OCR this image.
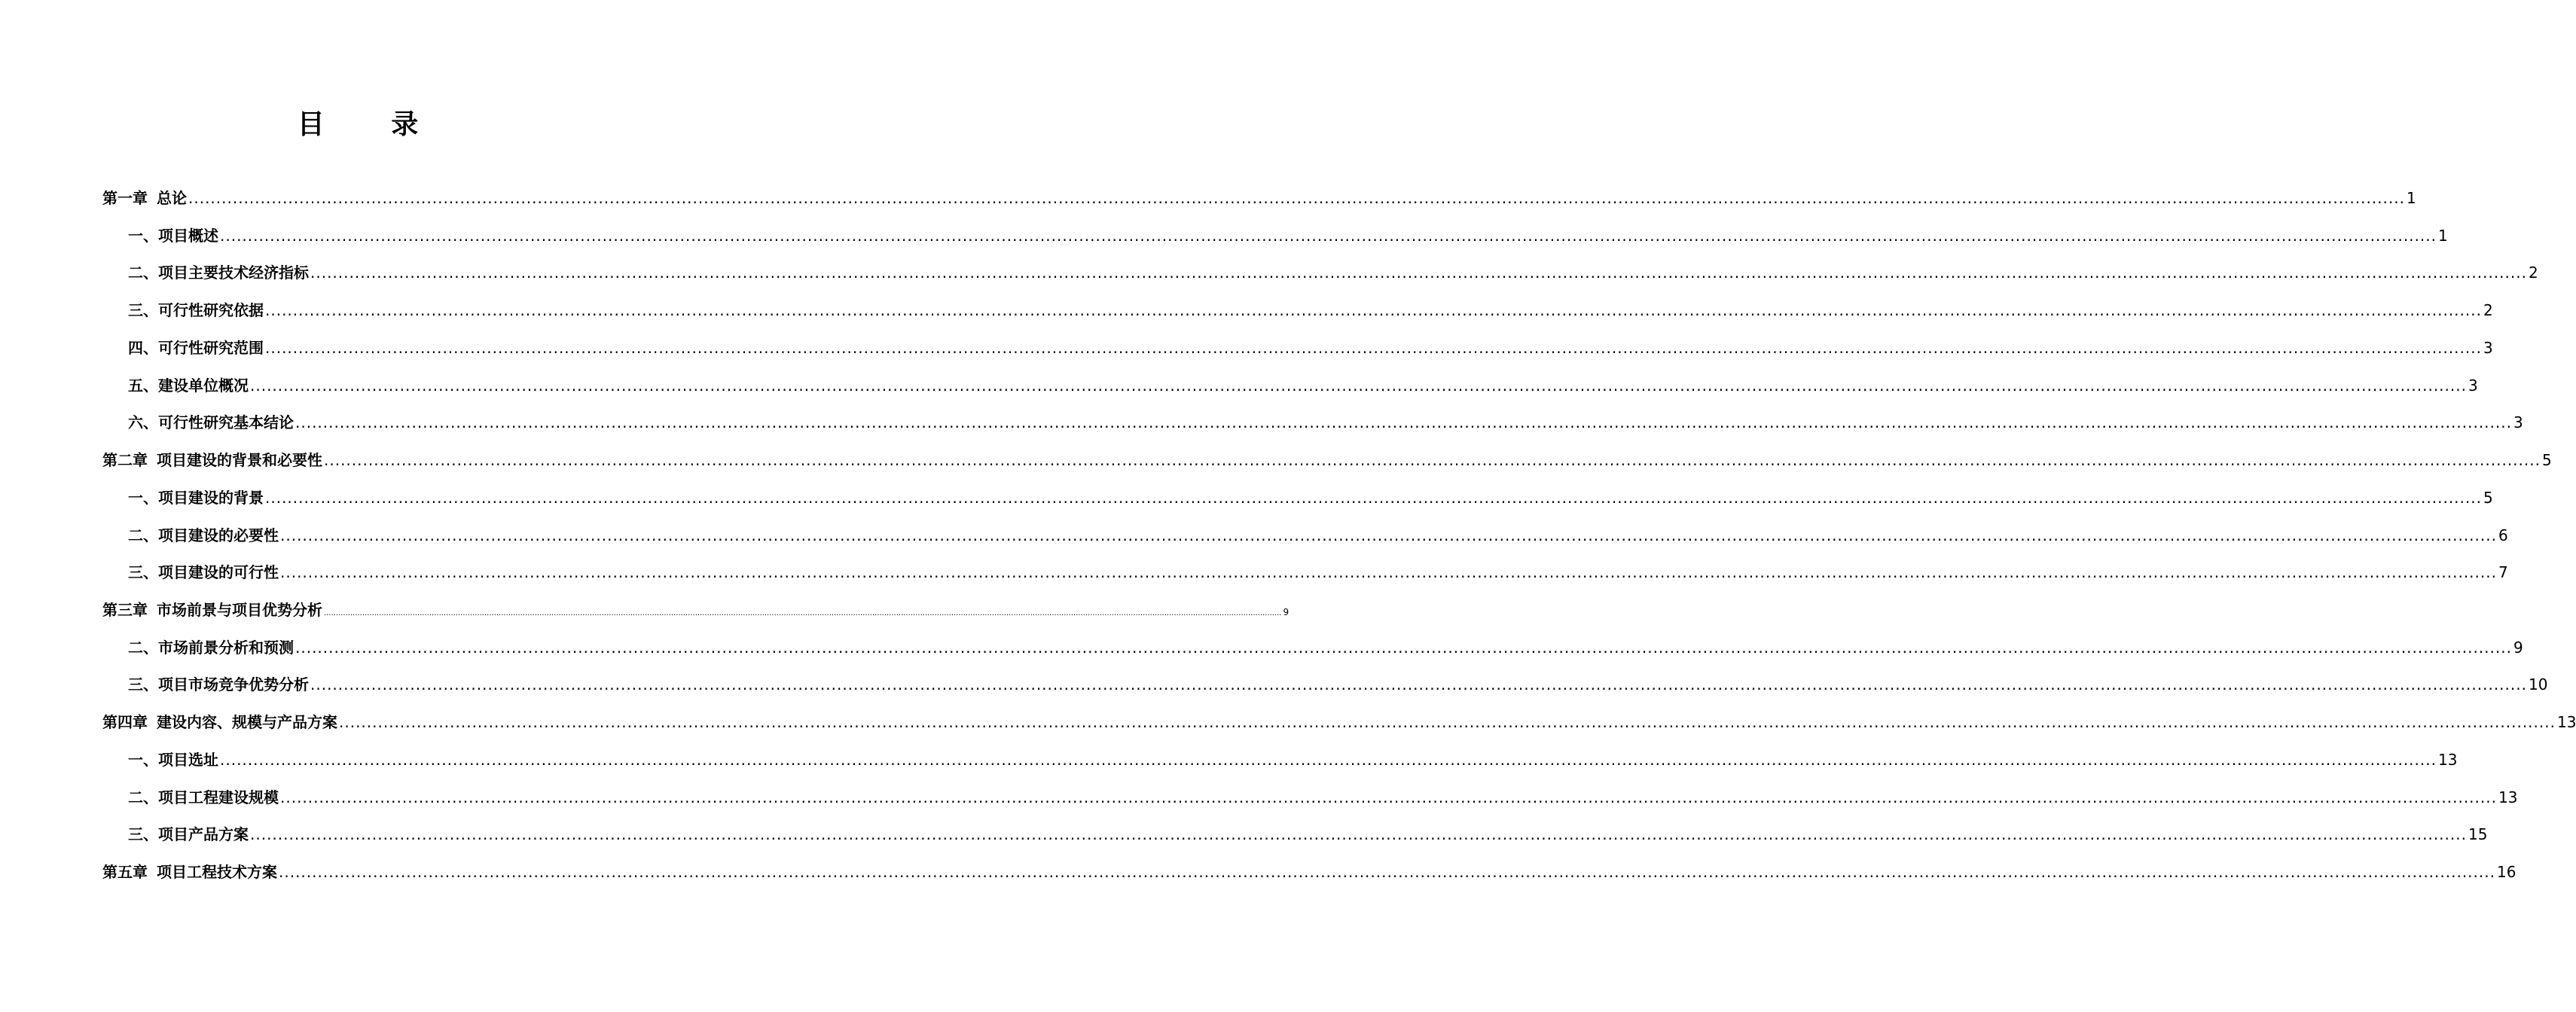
目 录
第一章 总论 ................................................................................................................................................................................................................................................................................................................................................................................................................ 1
一、项目概述 ................................................................................................................................................................................................................................................................................................................................................................................................................ 1
二、项目主要技术经济指标 ................................................................................................................................................................................................................................................................................................................................................................................................................ 2
三、可行性研究依据 ................................................................................................................................................................................................................................................................................................................................................................................................................ 2
四、可行性研究范围 ................................................................................................................................................................................................................................................................................................................................................................................................................ 3
五、建设单位概况 ................................................................................................................................................................................................................................................................................................................................................................................................................ 3
六、可行性研究基本结论 ................................................................................................................................................................................................................................................................................................................................................................................................................ 3
第二章 项目建设的背景和必要性 ................................................................................................................................................................................................................................................................................................................................................................................................................ 5
一、项目建设的背景 ................................................................................................................................................................................................................................................................................................................................................................................................................ 5
二、项目建设的必要性 ................................................................................................................................................................................................................................................................................................................................................................................................................ 6
三、项目建设的可行性 ................................................................................................................................................................................................................................................................................................................................................................................................................ 7
第三章 市场前景与项目优势分析 ................................................................................................................................................................................................................................................................................................................................................................................................................ 9
二、市场前景分析和预测 ................................................................................................................................................................................................................................................................................................................................................................................................................ 9
三、项目市场竞争优势分析 ................................................................................................................................................................................................................................................................................................................................................................................................................ 10
第四章 建设内容、规模与产品方案 ................................................................................................................................................................................................................................................................................................................................................................................................................ 13
一、项目选址 ................................................................................................................................................................................................................................................................................................................................................................................................................ 13
二、项目工程建设规模 ................................................................................................................................................................................................................................................................................................................................................................................................................ 13
三、项目产品方案 ................................................................................................................................................................................................................................................................................................................................................................................................................ 15
第五章 项目工程技术方案 ................................................................................................................................................................................................................................................................................................................................................................................................................ 16
